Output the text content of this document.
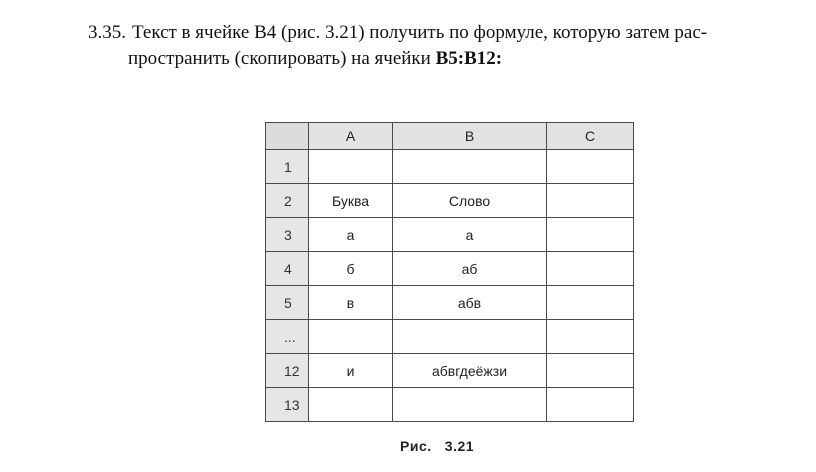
3.35. Текст в ячейке B4 (рис. 3.21) получить по формуле, которую затем рас-
пространить (скопировать) на ячейки B5:B12:
	A	B	C
1			
2	Буква	Слово	
3	а	а	
4	б	аб	
5	в	абв	
...			
12	и	абвгдеёжзи	
13			
Рис.   3.21
